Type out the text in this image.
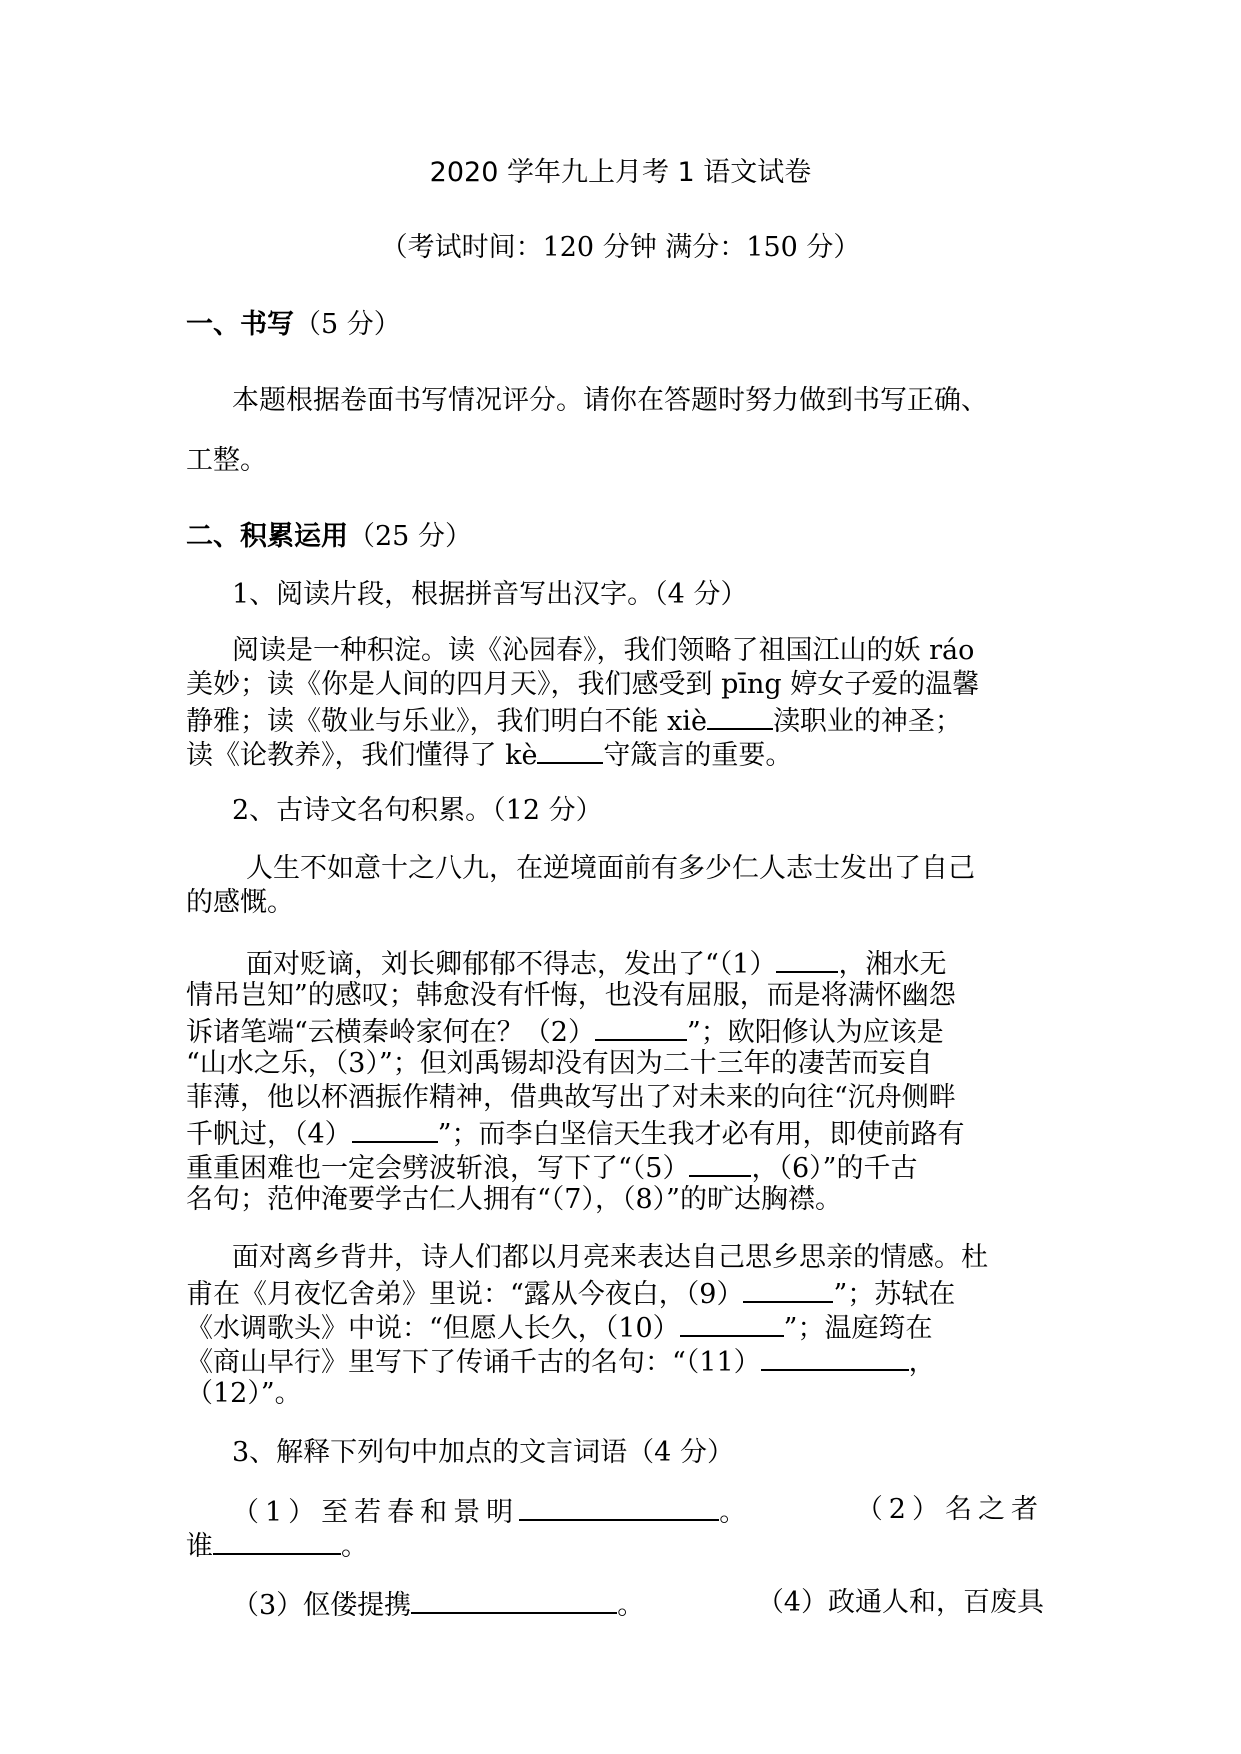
2020 学年九上月考 1 语文试卷
（考试时间：120 分钟 满分：150 分）
一、书写（5 分）
本题根据卷面书写情况评分。请你在答题时努力做到书写正确、
工整。
二、积累运用（25 分）
1、阅读片段，根据拼音写出汉字。（4 分）
阅读是一种积淀。读《沁园春》，我们领略了祖国江山的妖 ráo
美妙；读《你是人间的四月天》，我们感受到 pīng 婷女子爱的温馨
静雅；读《敬业与乐业》，我们明白不能 xiè 渎职业的神圣；
读《论教养》，我们懂得了 kè 守箴言的重要。
2、古诗文名句积累。（12 分）
人生不如意十之八九，在逆境面前有多少仁人志士发出了自己
的感慨。
面对贬谪，刘长卿郁郁不得志，发出了“（1） ，湘水无
情吊岂知”的感叹；韩愈没有忏悔，也没有屈服，而是将满怀幽怨
诉诸笔端“云横秦岭家何在？（2）	”；欧阳修认为应该是
“山水之乐，（3）”；但刘禹锡却没有因为二十三年的凄苦而妄自
菲薄，他以杯酒振作精神，借典故写出了对未来的向往“沉舟侧畔
千帆过，（4）	”；而李白坚信天生我才必有用，即使前路有
重重困难也一定会劈波斩浪，写下了“（5） ，（6）”的千古
名句；范仲淹要学古仁人拥有“（7），（8）”的旷达胸襟。
面对离乡背井，诗人们都以月亮来表达自己思乡思亲的情感。杜
甫在《月夜忆舍弟》里说：“露从今夜白，（9）	”；苏轼在
《水调歌头》中说：“但愿人长久，（10）	”；温庭筠在
《商山早行》里写下了传诵千古的名句：“（11）	，
（12）”。
3、解释下列句中加点的文言词语（4 分）
（1）至若春和景明	。	（2）名之者
谁	。
（3）伛偻提携	。	（4）政通人和，百废具
